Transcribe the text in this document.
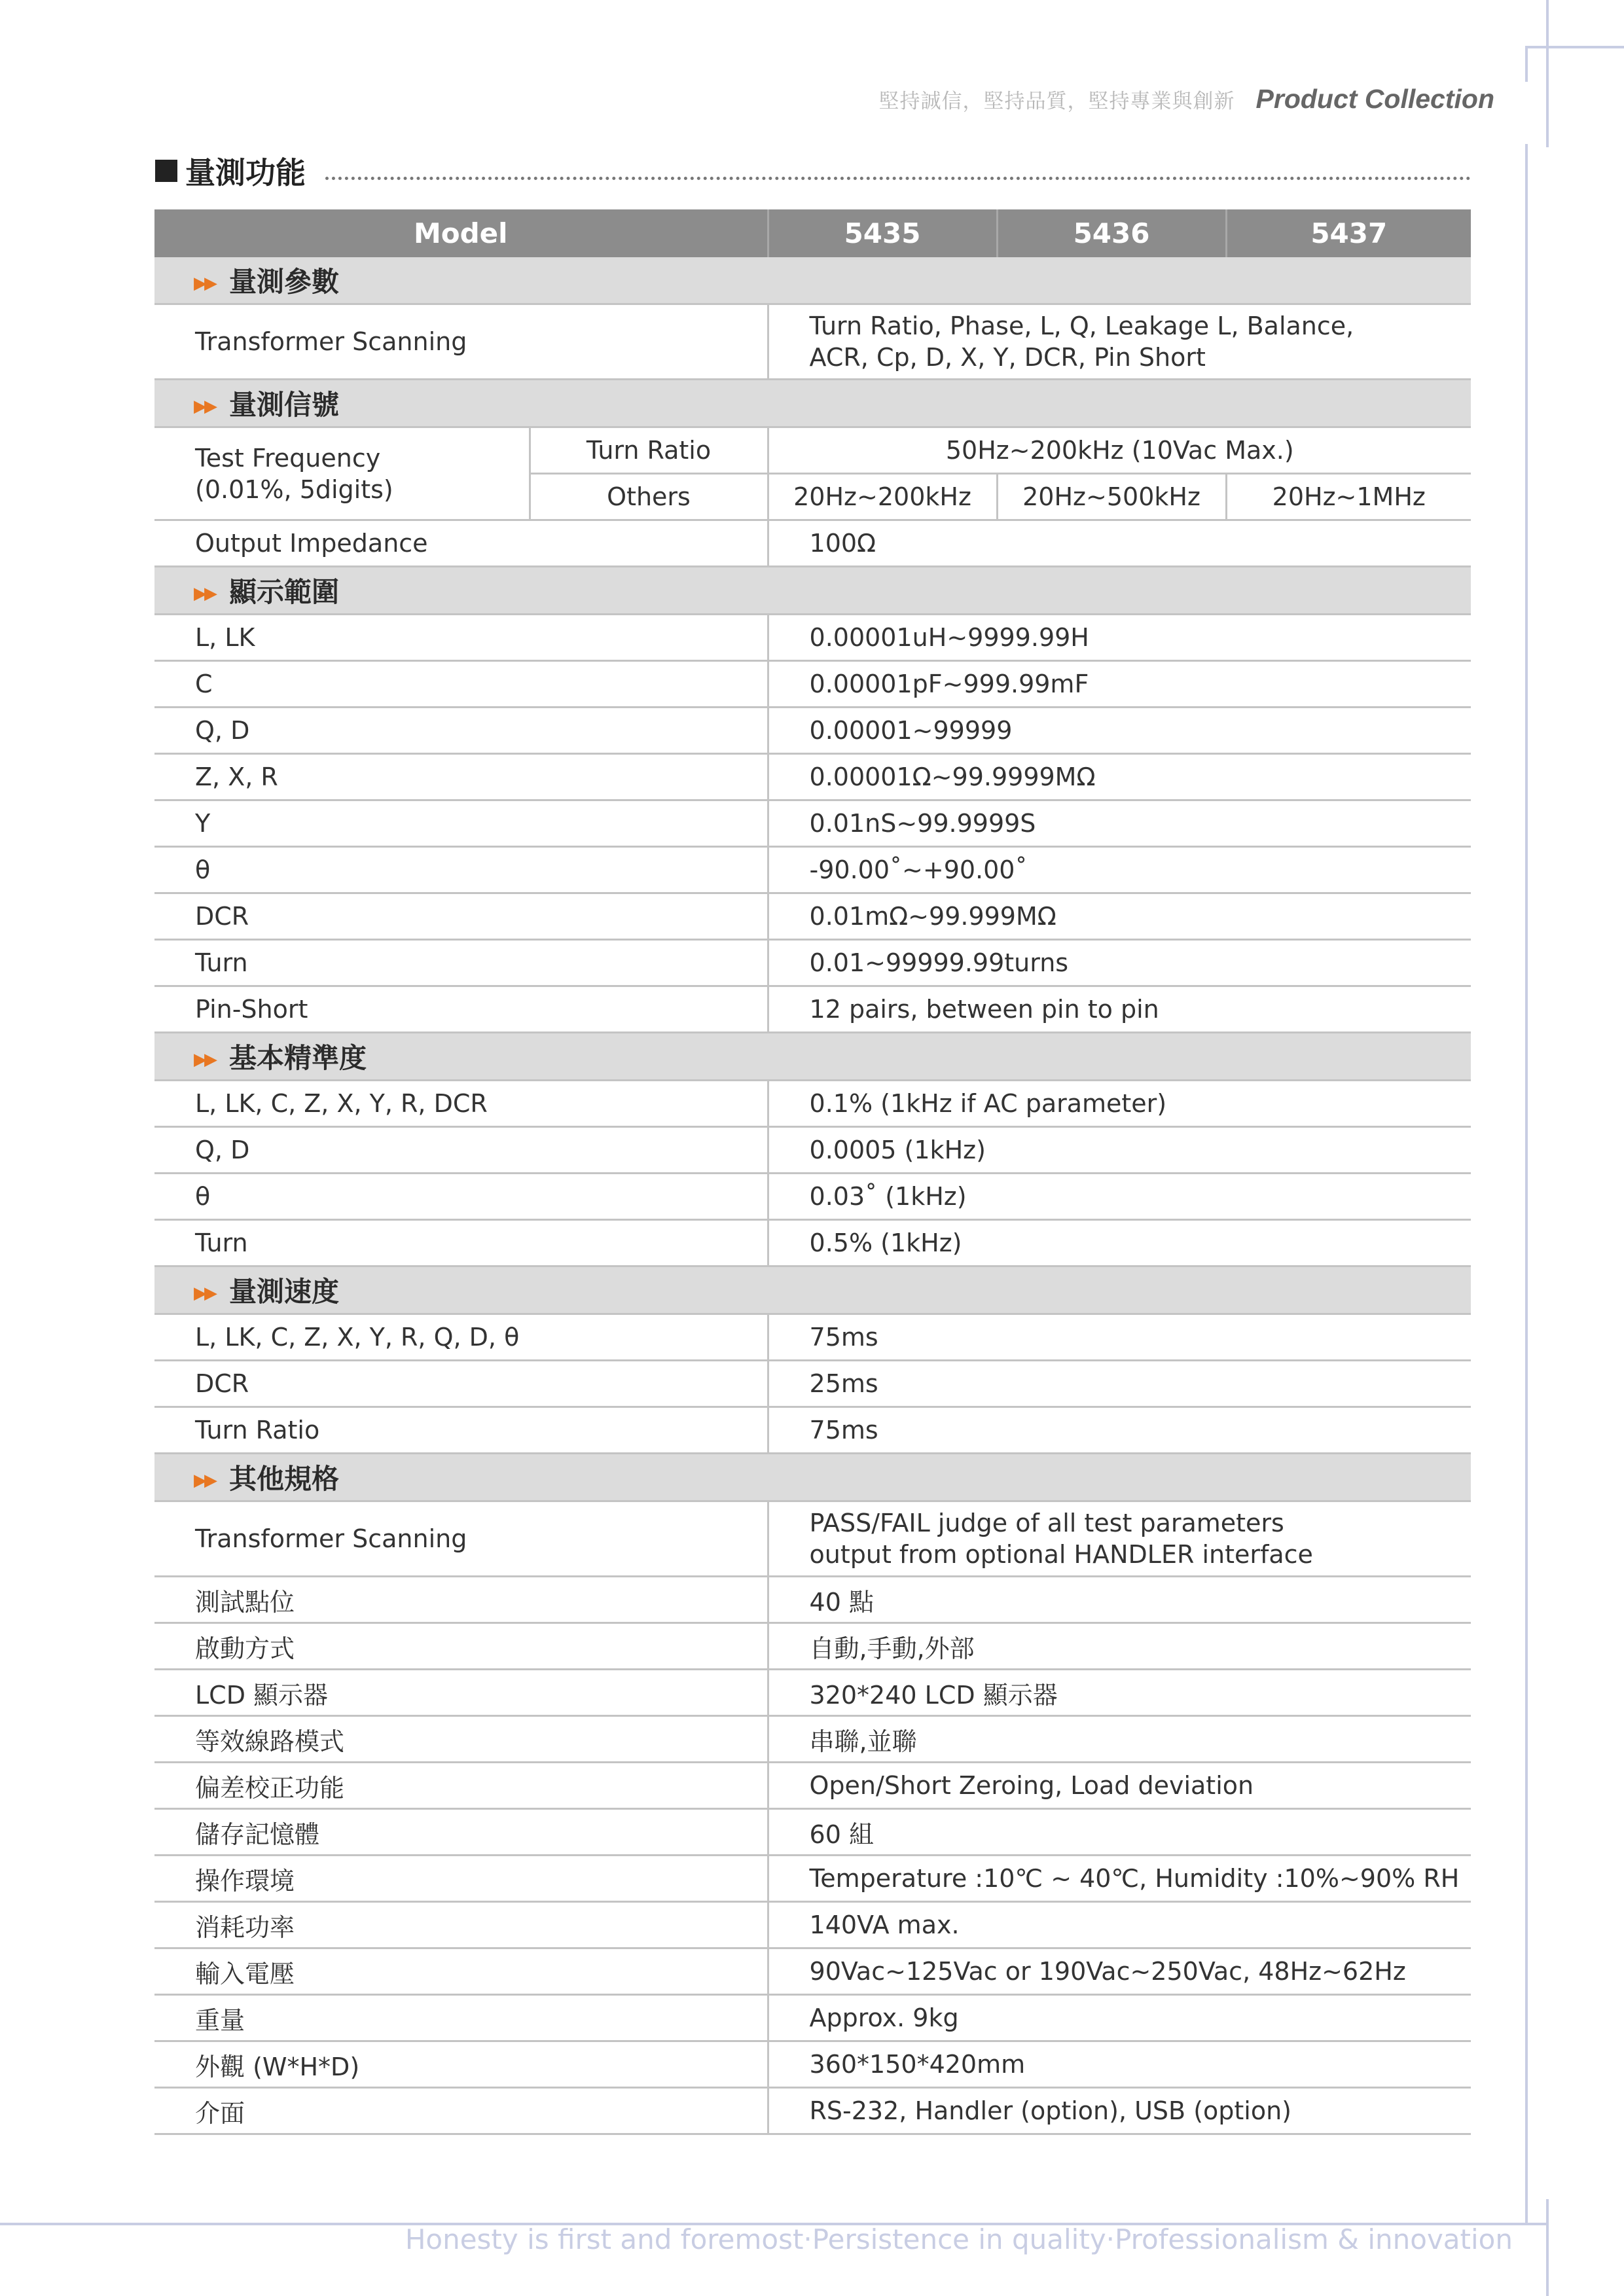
堅持誠信，堅持品質，堅持專業與創新 Product Collection
量測功能
Model		5435	5436	5437
▶▶ 量測參數				
Transformer Scanning		Turn Ratio, Phase, L, Q, Leakage L, Balance,
ACR, Cp, D, X, Y, DCR, Pin Short		

▶▶ 量測信號				

Test Frequency
(0.01%, 5digits)	Turn Ratio	50Hz~200kHz (10Vac Max.)		
	Others	20Hz~200kHz	20Hz~500kHz	20Hz~1MHz
Output Impedance		100Ω		
▶▶ 顯示範圍				
L, LK		0.00001uH~9999.99H		
C		0.00001pF~999.99mF		
Q, D		0.00001~99999		
Z, X, R		0.00001Ω~99.9999MΩ		
Y		0.01nS~99.9999S		
θ		-90.00˚~+90.00˚		
DCR		0.01mΩ~99.999MΩ		
Turn		0.01~99999.99turns		
Pin-Short		12 pairs, between pin to pin		
▶▶ 基本精準度				
L, LK, C, Z, X, Y, R, DCR		0.1% (1kHz if AC parameter)		
Q, D		0.0005 (1kHz)		
θ		0.03˚ (1kHz)		
Turn		0.5% (1kHz)		
▶▶ 量測速度				
L, LK, C, Z, X, Y, R, Q, D, θ		75ms		
DCR		25ms		
Turn Ratio		75ms		
▶▶ 其他規格				
Transformer Scanning		PASS/FAIL judge of all test parameters
output from optional HANDLER interface		

測試點位		40 點		
啟動方式		自動,手動,外部		
LCD 顯示器		320*240 LCD 顯示器		
等效線路模式		串聯,並聯		
偏差校正功能		Open/Short Zeroing, Load deviation		
儲存記憶體		60 組		
操作環境		Temperature :10℃ ~ 40℃, Humidity :10%~90% RH		
消耗功率		140VA max.		
輸入電壓		90Vac~125Vac or 190Vac~250Vac, 48Hz~62Hz		
重量		Approx. 9kg		
外觀 (W*H*D)		360*150*420mm		
介面		RS-232, Handler (option), USB (option)		
Honesty is first and foremost‧Persistence in quality‧Professionalism & innovation
